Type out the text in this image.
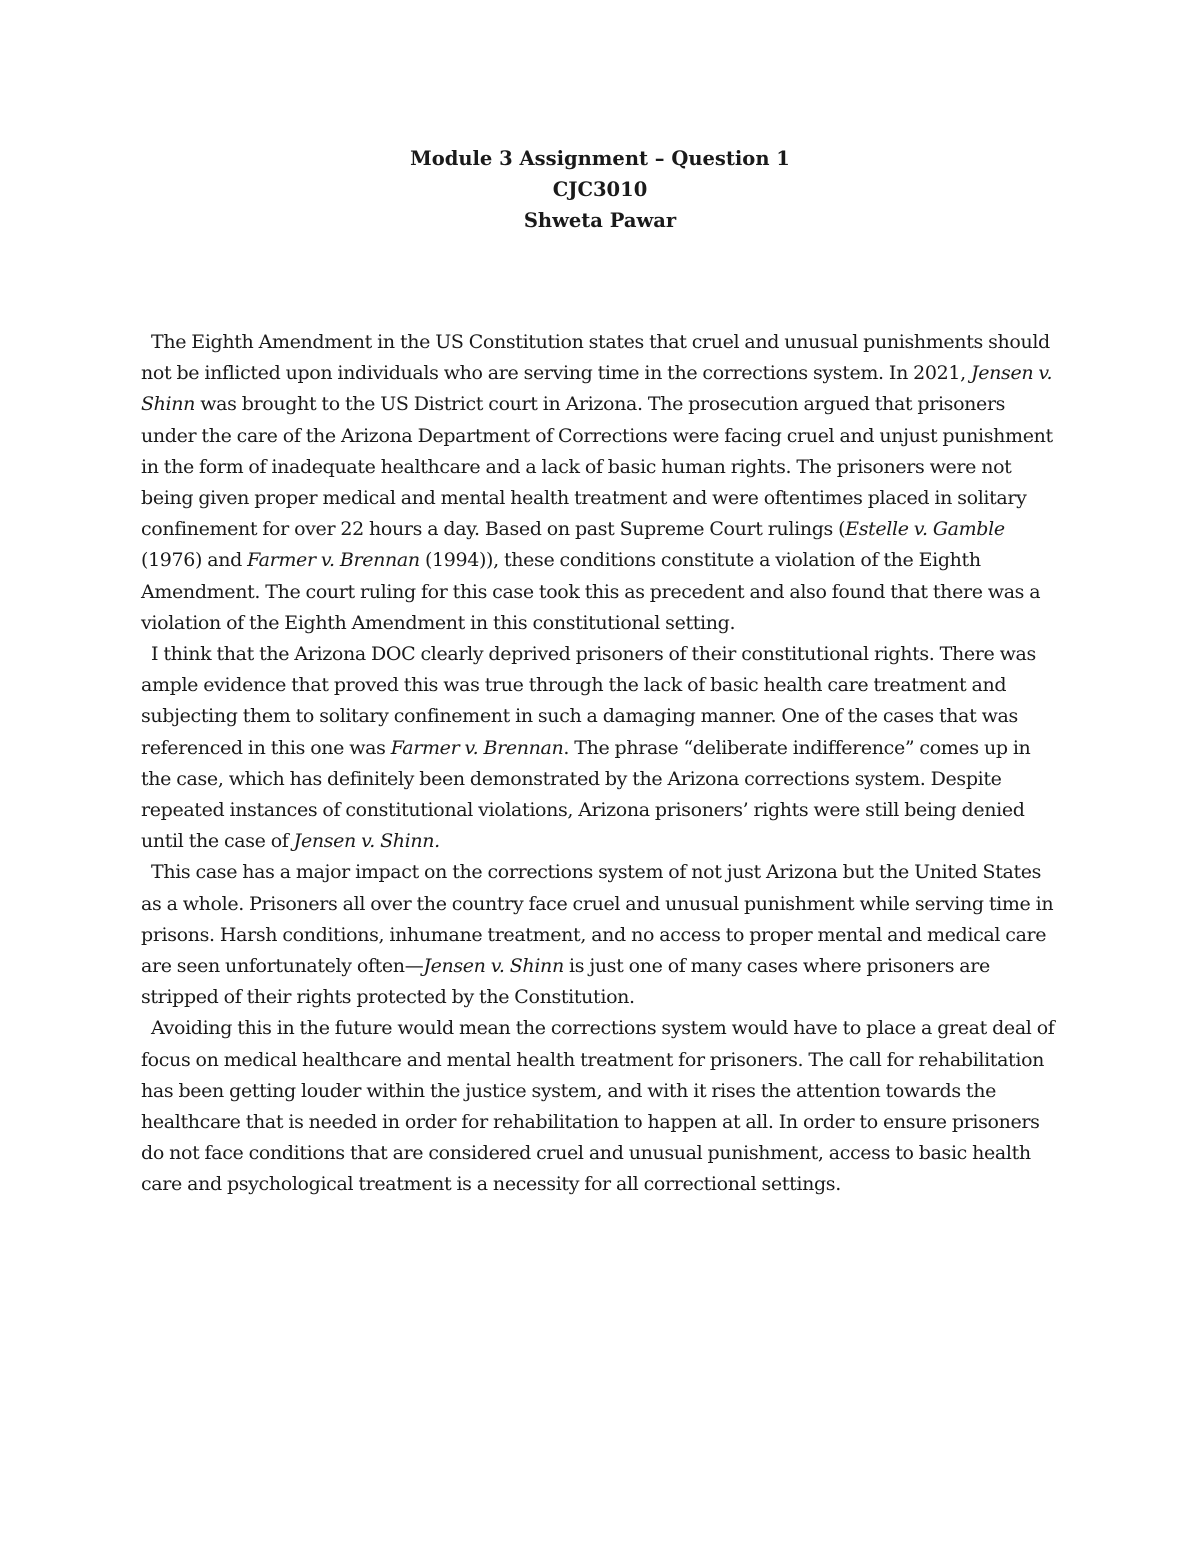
Module 3 Assignment – Question 1
CJC3010
Shweta Pawar

The Eighth Amendment in the US Constitution states that cruel and unusual punishments should not be inflicted upon individuals who are serving time in the corrections system. In 2021, Jensen v. Shinn was brought to the US District court in Arizona. The prosecution argued that prisoners under the care of the Arizona Department of Corrections were facing cruel and unjust punishment in the form of inadequate healthcare and a lack of basic human rights. The prisoners were not being given proper medical and mental health treatment and were oftentimes placed in solitary confinement for over 22 hours a day. Based on past Supreme Court rulings (Estelle v. Gamble (1976) and Farmer v. Brennan (1994)), these conditions constitute a violation of the Eighth Amendment. The court ruling for this case took this as precedent and also found that there was a violation of the Eighth Amendment in this constitutional setting.

I think that the Arizona DOC clearly deprived prisoners of their constitutional rights. There was ample evidence that proved this was true through the lack of basic health care treatment and subjecting them to solitary confinement in such a damaging manner. One of the cases that was referenced in this one was Farmer v. Brennan. The phrase “deliberate indifference” comes up in the case, which has definitely been demonstrated by the Arizona corrections system. Despite repeated instances of constitutional violations, Arizona prisoners’ rights were still being denied until the case of Jensen v. Shinn.

This case has a major impact on the corrections system of not just Arizona but the United States as a whole. Prisoners all over the country face cruel and unusual punishment while serving time in prisons. Harsh conditions, inhumane treatment, and no access to proper mental and medical care are seen unfortunately often—Jensen v. Shinn is just one of many cases where prisoners are stripped of their rights protected by the Constitution.

Avoiding this in the future would mean the corrections system would have to place a great deal of focus on medical healthcare and mental health treatment for prisoners. The call for rehabilitation has been getting louder within the justice system, and with it rises the attention towards the healthcare that is needed in order for rehabilitation to happen at all. In order to ensure prisoners do not face conditions that are considered cruel and unusual punishment, access to basic health care and psychological treatment is a necessity for all correctional settings.
